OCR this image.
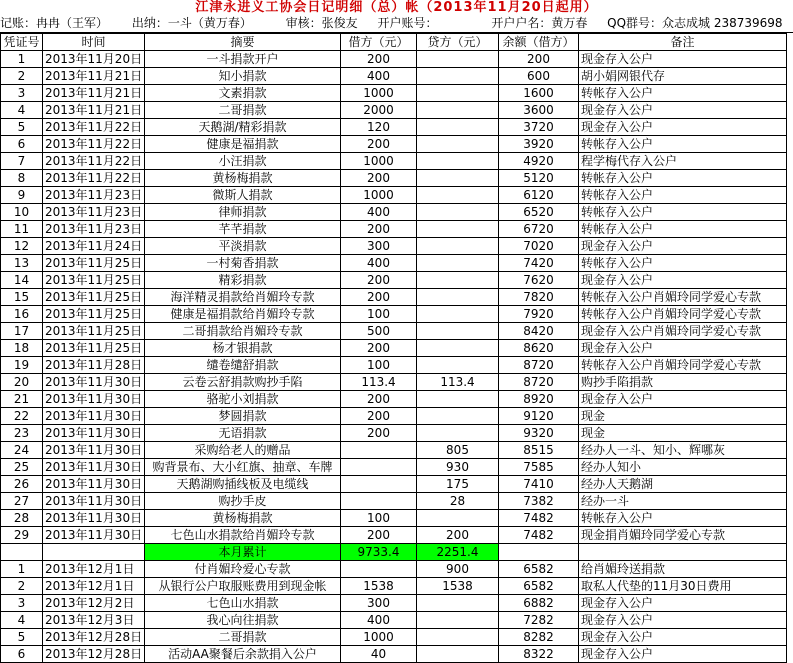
江津永进义工协会日记明细（总）帐（2013年11月20日起用）
记账：冉冉（王军） 出纳：一斗（黄万春）	审核：张俊友 开户账号：	开户户名：黄万春 QQ群号：众志成城 238739698
凭证号	时间	摘要	借方（元）	贷方（元）	余额（借方）	备注
1	2013年11月20日	一斗捐款开户	200		200	现金存入公户
2	2013年11月21日	知小捐款	400		600	胡小娟网银代存
3	2013年11月21日	文素捐款	1000		1600	转帐存入公户
4	2013年11月21日	二哥捐款	2000		3600	现金存入公户
5	2013年11月22日	天鹅湖/精彩捐款	120		3720	现金存入公户
6	2013年11月22日	健康是福捐款	200		3920	转帐存入公户
7	2013年11月22日	小汪捐款	1000		4920	程学梅代存入公户
8	2013年11月22日	黄杨梅捐款	200		5120	转帐存入公户
9	2013年11月23日	微斯人捐款	1000		6120	转帐存入公户
10	2013年11月23日	律师捐款	400		6520	转帐存入公户
11	2013年11月23日	芊芊捐款	200		6720	转帐存入公户
12	2013年11月24日	平淡捐款	300		7020	现金存入公户
13	2013年11月25日	一村菊香捐款	400		7420	转帐存入公户
14	2013年11月25日	精彩捐款	200		7620	现金存入公户
15	2013年11月25日	海洋精灵捐款给肖媚玲专款	200		7820	转帐存入公户肖媚玲同学爱心专款
16	2013年11月25日	健康是福捐款给肖媚玲专款	100		7920	转帐存入公户肖媚玲同学爱心专款
17	2013年11月25日	二哥捐款给肖媚玲专款	500		8420	现金存入公户肖媚玲同学爱心专款
18	2013年11月25日	杨才银捐款	200		8620	现金存入公户
19	2013年11月28日	缱卷缱舒捐款	100		8720	转帐存入公户肖媚玲同学爱心专款
20	2013年11月30日	云卷云舒捐款购抄手陷	113.4	113.4	8720	购抄手陷捐款
21	2013年11月30日	骆驼小刘捐款	200		8920	现金存入公户
22	2013年11月30日	梦圆捐款	200		9120	现金
23	2013年11月30日	无语捐款	200		9320	现金
24	2013年11月30日	采购给老人的赠品		805	8515	经办人一斗、知小、辉哪灰
25	2013年11月30日	购背景布、大小红旗、抽章、车牌		930	7585	经办人知小
26	2013年11月30日	天鹅湖购插线板及电缆线		175	7410	经办人天鹅湖
27	2013年11月30日	购抄手皮		28	7382	经办一斗
28	2013年11月30日	黄杨梅捐款	100		7482	转帐存入公户
29	2013年11月30日	七色山水捐款给肖媚玲专款	200	200	7482	现金捐肖媚玲同学爱心专款
		本月累计	9733.4	2251.4		
1	2013年12月1日	付肖媚玲爱心专款		900	6582	给肖媚玲送捐款
2	2013年12月1日	从银行公户取服账费用到现金帐	1538	1538	6582	取私人代垫的11月30日费用
3	2013年12月2日	七色山水捐款	300		6882	现金存入公户
4	2013年12月3日	我心向往捐款	400		7282	现金存入公户
5	2013年12月28日	二哥捐款	1000		8282	现金存入公户
6	2013年12月28日	活动AA聚餐后余款捐入公户	40		8322	现金存入公户
